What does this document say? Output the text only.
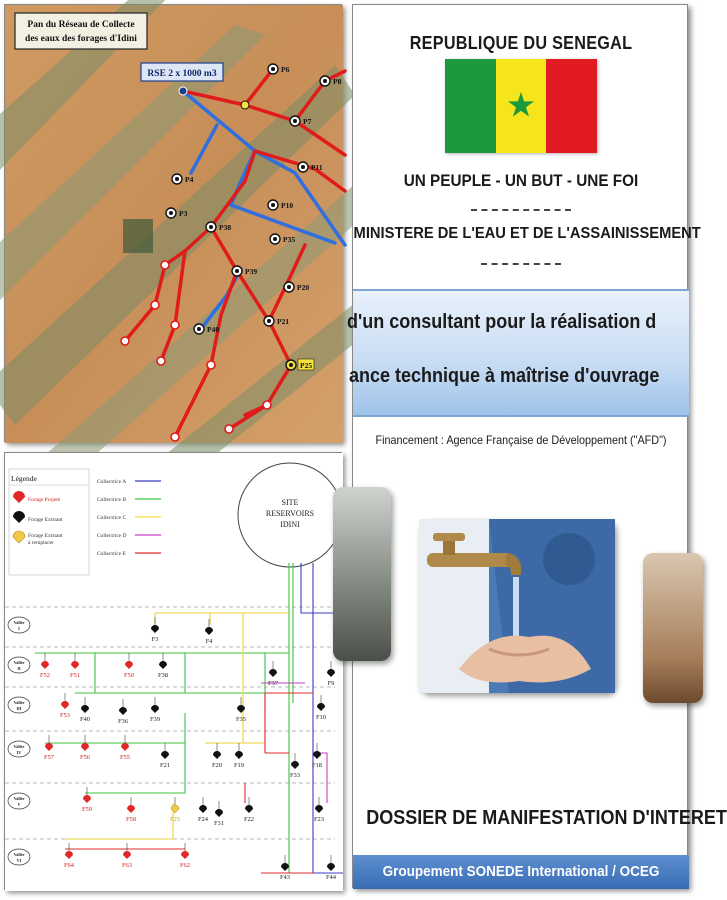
Pan du Réseau de Collecte
des eaux des forages d'Idini
RSE 2 x 1000 m3	P6
P8
P7
P11
P4
P3
P10
P38
P35
P39
P20
P21
P40
P25
Légende
Forage Projeté
Forage Existant
Forage Existant à remplacer
Collectrice A
Collectrice B
Collectrice C
Collectrice D
Collectrice E
SITE
RESERVOIRS
IDINI
Vallée
I
Vallée
II
Vallée
III
Vallée
IV
Vallée
V
Vallée
VI
F52	F51	F50
F53
F57	F56	F55
F59
F58
F64	F63	F62
F3	F4
F38
F37	F9
F40	F36	F39	F35	F10
F21	F20 F19	F18
F33
F24
F31
F22	F23
F43	F44
F25
REPUBLIQUE DU SENEGAL
★
UN PEUPLE - UN BUT - UNE FOI
MINISTERE DE L'EAU ET DE L'ASSAINISSEMENT
d'un consultant pour la réalisation d
ance technique à maîtrise d'ouvrage
Financement : Agence Française de Développement ("AFD")
DOSSIER DE MANIFESTATION D'INTERET
Groupement SONEDE International / OCEG
